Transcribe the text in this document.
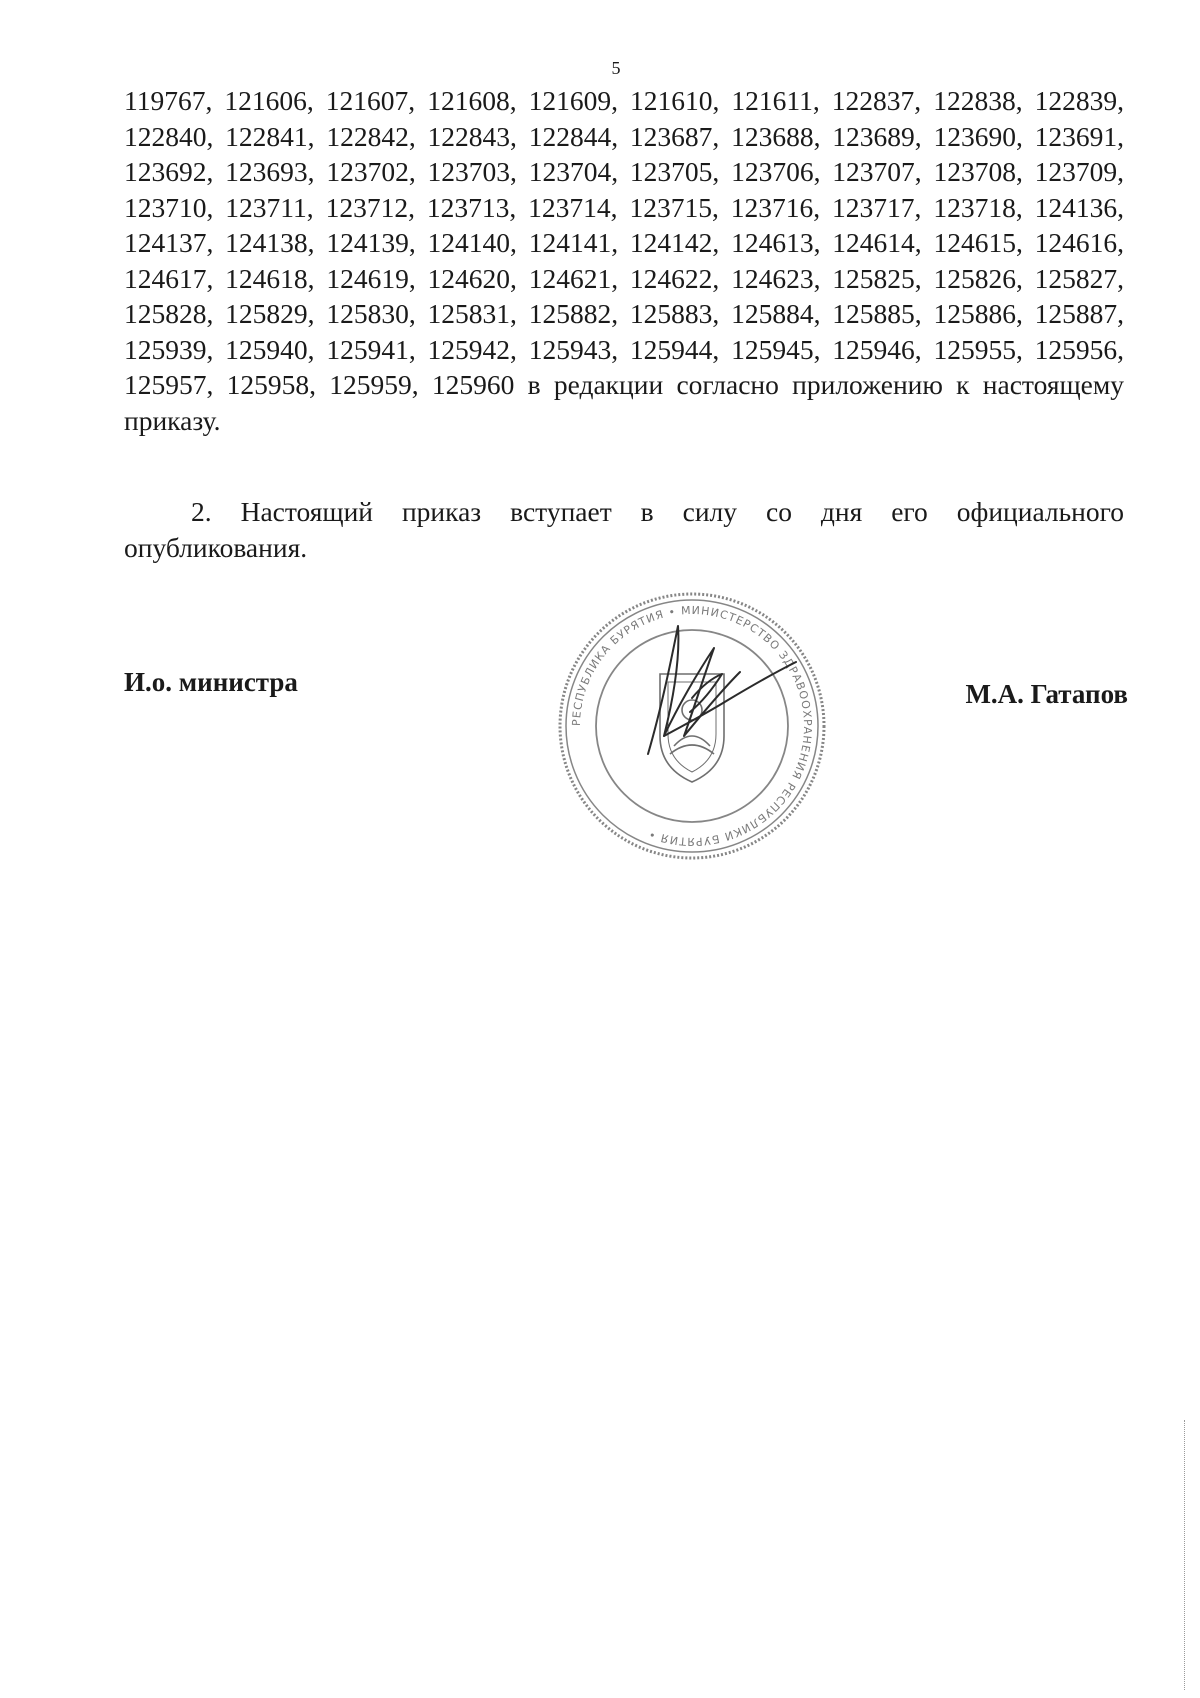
5
119767, 121606, 121607, 121608, 121609, 121610, 121611, 122837, 122838, 122839,
122840, 122841, 122842, 122843, 122844, 123687, 123688, 123689, 123690, 123691,
123692, 123693, 123702, 123703, 123704, 123705, 123706, 123707, 123708, 123709,
123710, 123711, 123712, 123713, 123714, 123715, 123716, 123717, 123718, 124136,
124137, 124138, 124139, 124140, 124141, 124142, 124613, 124614, 124615, 124616,
124617, 124618, 124619, 124620, 124621, 124622, 124623, 125825, 125826, 125827,
125828, 125829, 125830, 125831, 125882, 125883, 125884, 125885, 125886, 125887,
125939, 125940, 125941, 125942, 125943, 125944, 125945, 125946, 125955, 125956,
125957, 125958, 125959, 125960 в редакции согласно приложению к настоящему
приказу.
2. Настоящий приказ вступает в силу со дня его официального
опубликования.
И.о. министра
РЕСПУБЛИКА БУРЯТИЯ • МИНИСТЕРСТВО ЗДРАВООХРАНЕНИЯ РЕСПУБЛИКИ БУРЯТИЯ •
М.А. Гатапов
